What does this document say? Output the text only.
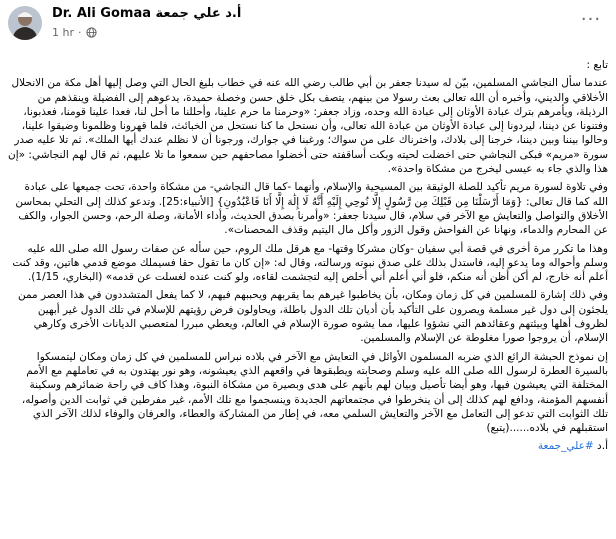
Dr. Ali Gomaa أ.د علي جمعة
1 hr ·
···

تابع :

عندما سأل النجاشي المسلمين، بيّن له سيدنا جعفر بن أبي طالب رضي الله عنه في خطاب بليغ الحال التي وصل إليها أهل مكة من الانحلال الأخلاقي والديني، وأخبره أن الله تعالى بعث رسولا من بينهم، يتصف بكل خلق حسن وخصلة حميدة، يدعوهم إلى الفضيلة وينقذهم من الرذيلة، ويأمرهم بترك عبادة الأوثان إلى عبادة الله وحده، وزاد جعفر: «وحرمنا ما حرم علينا، وأحللنا ما أحل لنا، فعدا علينا قومنا، فعذبونا، وفتنونا عن ديننا، ليردونا إلى عبادة الأوثان من عبادة الله تعالى، وأن نستحل ما كنا نستحل من الخبائث، فلما قهرونا وظلمونا وضيقوا علينا، وحالوا بيننا وبين ديننا، خرجنا إلى بلادك، واخترناك على من سواك؛ ورغبنا في جوارك، ورجونا أن لا نظلم عندك أيها الملك». ثم تلا عليه صدر سورة «مريم» فبكى النجاشي حتى اخضلت لحيته وبكت أساقفته حتى أخضلوا مصاحفهم حين سمعوا ما تلا عليهم، ثم قال لهم النجاشي: «إن هذا والذي جاء به عيسى ليخرج من مشكاة واحدة».

وفي تلاوة لسورة مريم تأكيد للصلة الوثيقة بين المسيحية والإسلام، وأنهما -كما قال النجاشي- من مشكاة واحدة، تحت جميعها على عبادة الله كما قال تعالى: {وَمَا أَرْسَلْنَا مِن قَبْلِكَ مِن رَّسُولٍ إِلَّا نُوحِي إِلَيْهِ أَنَّهُ لَا إِلَٰهَ إِلَّا أَنَا فَاعْبُدُونِ} [الأنبياء:25]. وتدعو كذلك إلى التحلي بمحاسن الأخلاق والتواصل والتعايش مع الآخر في سلام، قال سيدنا جعفر: «وأمرنا بصدق الحديث، وأداء الأمانة، وصلة الرحم، وحسن الجوار، والكف عن المحارم والدماء، ونهانا عن الفواحش وقول الزور وأكل مال اليتيم وقذف المحصنات».

وهذا ما تكرر مرة أخرى في قصة أبي سفيان -وكان مشركا وقتها- مع هرقل ملك الروم، حين سأله عن صفات رسول الله صلى الله عليه وسلم وأحواله وما يدعو إليه، فاستدل بذلك على صدق نبوته ورسالته، وقال له: «إن كان ما تقول حقا فسيملك موضع قدمي هاتين، وقد كنت أعلم أنه خارج، لم أكن أظن أنه منكم، فلو أني أعلم أني أخلص إليه لتجشمت لقاءه، ولو كنت عنده لغسلت عن قدمه» (البخاري، 1/15).

وفي ذلك إشارة للمسلمين في كل زمان ومكان، بأن يخاطبوا غيرهم بما يقربهم ويحببهم فيهم، لا كما يفعل المتشددون في هذا العصر ممن يلجئون إلى دول غير مسلمة ويصرون على التأكيد بأن أديان تلك الدول باطلة، ويحاولون فرض رؤيتهم للإسلام في تلك الدول غير أبهين لظروف أهلها وبيئتهم وعقائدهم التي نشؤوا عليها، مما يشوه صورة الإسلام في العالم، ويعطي مبررا لمتعصبي الديانات الأخرى وكارهي الإسلام، أن يروجوا صورا مغلوطة عن الإسلام والمسلمين.

إن نموذج الحبشة الرائع الذي ضربه المسلمون الأوائل في التعايش مع الآخر في بلاده نبراس للمسلمين في كل زمان ومكان ليتمسكوا بالسيرة العطرة لرسول الله صلى الله عليه وسلم وصحابته ويطبقوها في واقعهم الذي يعيشونه، وهو نور يهتدون به في تعاملهم مع الأمم المختلفة التي يعيشون فيها، وهو أيضا تأصيل وبيان لهم بأنهم على هدى وبصيرة من مشكاة النبوة، وهذا كاف في راحة ضمائرهم وسكينة أنفسهم المؤمنة، ودافع لهم كذلك إلى أن ينخرطوا في مجتمعاتهم الجديدة وينسجموا مع تلك الأمم، غير مفرطين في ثوابت الدين وأصوله، تلك الثوابت التي تدعو إلى التعامل مع الآخر والتعايش السلمي معه، في إطار من المشاركة والعطاء، والعرفان والوفاء لذلك الآخر الذي استقبلهم في بلاده......(يتبع)

أ.د #علي_جمعة
